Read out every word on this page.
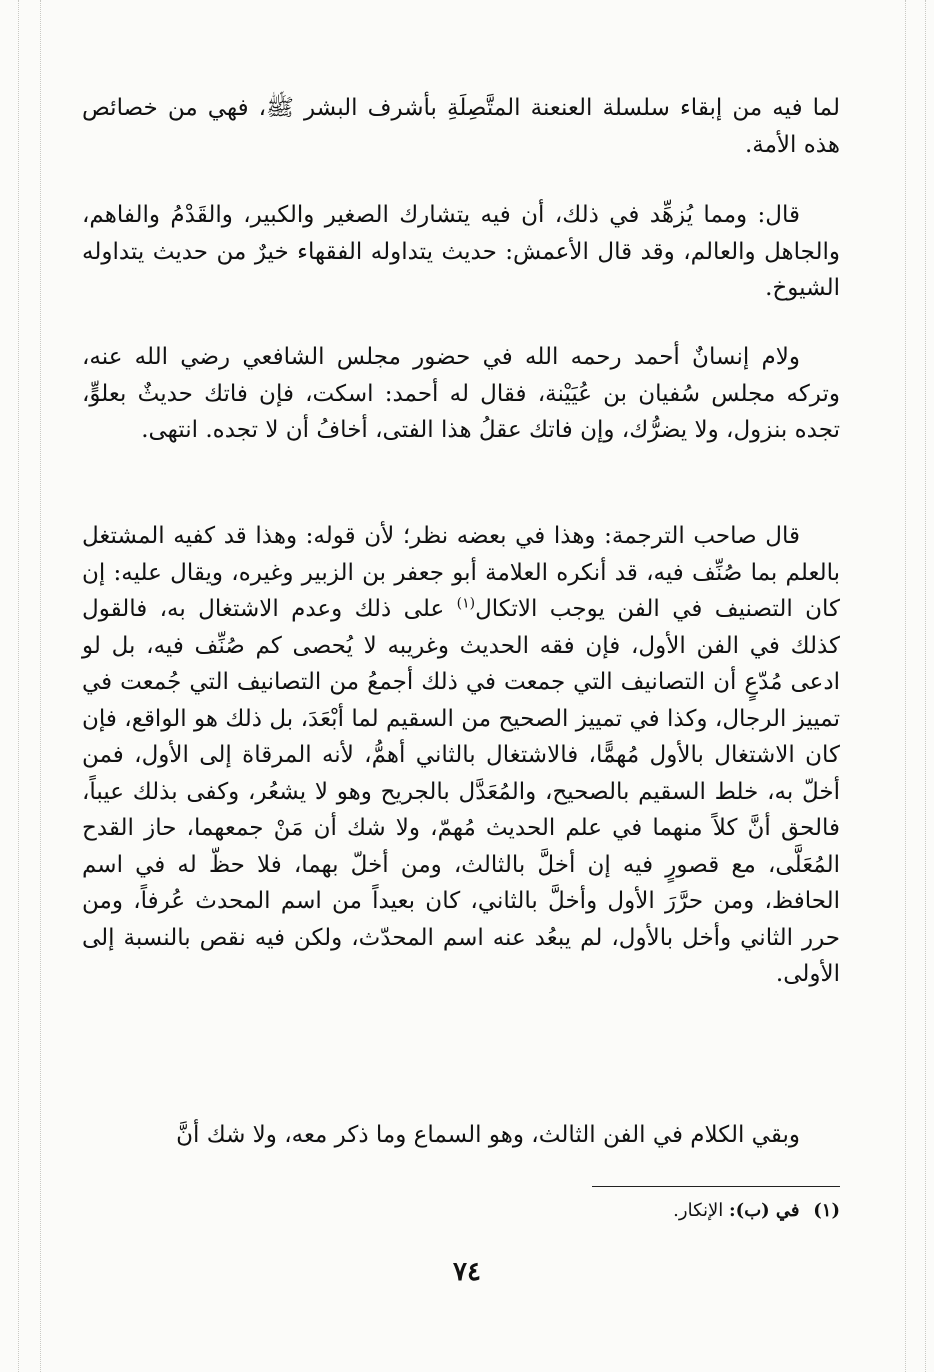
لما فيه من إبقاء سلسلة العنعنة المتَّصِلَةِ بأشرف البشر ﷺ، فهي من خصائص هذه الأمة.

قال: ومما يُزهِّد في ذلك، أن فيه يتشارك الصغير والكبير، والقَدْمُ والفاهم، والجاهل والعالم، وقد قال الأعمش: حديث يتداوله الفقهاء خيرٌ من حديث يتداوله الشيوخ.

ولام إنسانٌ أحمد رحمه الله في حضور مجلس الشافعي رضي الله عنه، وتركه مجلس سُفيان بن عُيَيْنة، فقال له أحمد: اسكت، فإن فاتك حديثٌ بعلوٍّ، تجده بنزول، ولا يضرُّك، وإن فاتك عقلُ هذا الفتى، أخافُ أن لا تجده. انتهى.

قال صاحب الترجمة: وهذا في بعضه نظر؛ لأن قوله: وهذا قد كفيه المشتغل بالعلم بما صُنِّف فيه، قد أنكره العلامة أبو جعفر بن الزبير وغيره، ويقال عليه: إن كان التصنيف في الفن يوجب الاتكال$^{(١)}$ على ذلك وعدم الاشتغال به، فالقول كذلك في الفن الأول، فإن فقه الحديث وغريبه لا يُحصى كم صُنِّف فيه، بل لو ادعى مُدّعٍ أن التصانيف التي جمعت في ذلك أجمعُ من التصانيف التي جُمعت في تمييز الرجال، وكذا في تمييز الصحيح من السقيم لما أبْعَدَ، بل ذلك هو الواقع، فإن كان الاشتغال بالأول مُهمًّا، فالاشتغال بالثاني أهمُّ، لأنه المرقاة إلى الأول، فمن أخلّ به، خلط السقيم بالصحيح، والمُعَدَّل بالجريح وهو لا يشعُر، وكفى بذلك عيباً، فالحق أنَّ كلاً منهما في علم الحديث مُهمّ، ولا شك أن مَنْ جمعهما، حاز القدح المُعَلَّى، مع قصورٍ فيه إن أخلَّ بالثالث، ومن أخلّ بهما، فلا حظّ له في اسم الحافظ، ومن حرَّرَ الأول وأخلَّ بالثاني، كان بعيداً من اسم المحدث عُرفاً، ومن حرر الثاني وأخل بالأول، لم يبعُد عنه اسم المحدّث، ولكن فيه نقص بالنسبة إلى الأولى.

وبقي الكلام في الفن الثالث، وهو السماع وما ذكر معه، ولا شك أنَّ

(١) في (ب): الإنكار.
٧٤
